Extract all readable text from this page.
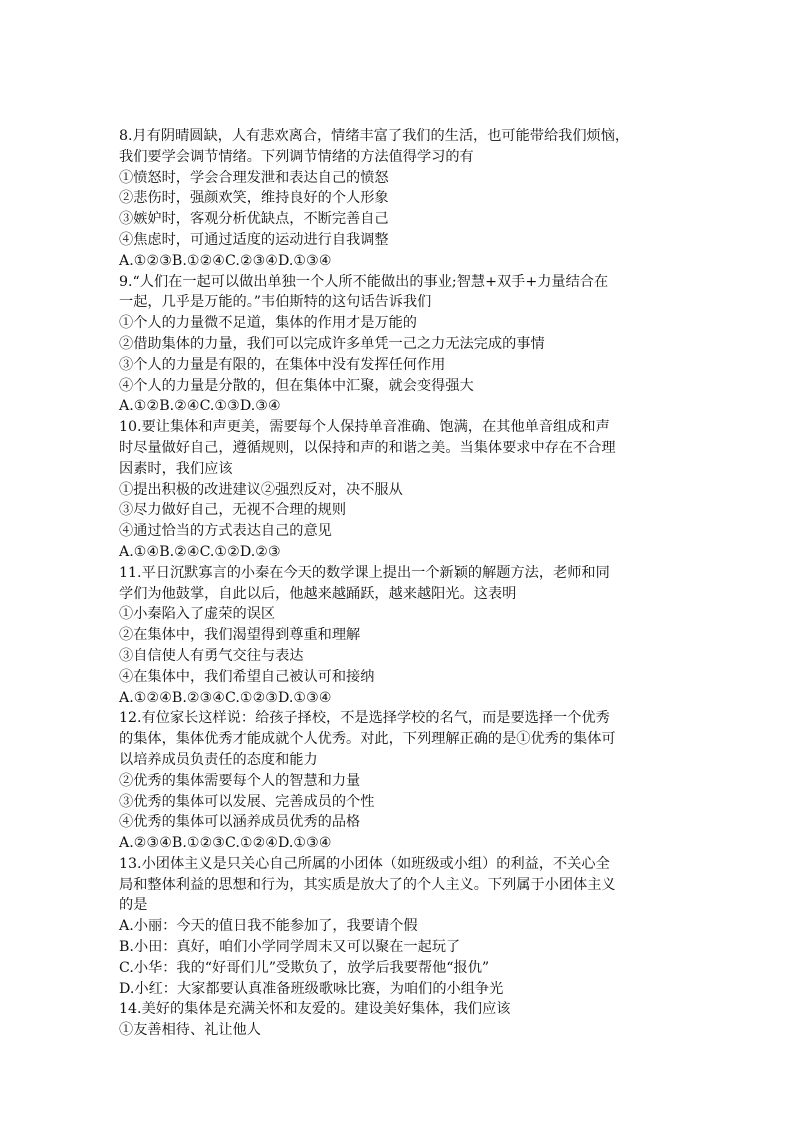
8.月有阴晴圆缺，人有悲欢离合，情绪丰富了我们的生活，也可能带给我们烦恼，
我们要学会调节情绪。下列调节情绪的方法值得学习的有
①愤怒时，学会合理发泄和表达自己的愤怒
②悲伤时，强颜欢笑，维持良好的个人形象
③嫉妒时，客观分析优缺点，不断完善自己
④焦虑时，可通过适度的运动进行自我调整
A.①②③B.①②④C.②③④D.①③④
9.“人们在一起可以做出单独一个人所不能做出的事业;智慧+双手+力量结合在
一起，几乎是万能的。”韦伯斯特的这句话告诉我们
①个人的力量微不足道，集体的作用才是万能的
②借助集体的力量，我们可以完成许多单凭一己之力无法完成的事情
③个人的力量是有限的，在集体中没有发挥任何作用
④个人的力量是分散的，但在集体中汇聚，就会变得强大
A.①②B.②④C.①③D.③④
10.要让集体和声更美，需要每个人保持单音准确、饱满，在其他单音组成和声
时尽量做好自己，遵循规则，以保持和声的和谐之美。当集体要求中存在不合理
因素时，我们应该
①提出积极的改进建议②强烈反对，决不服从
③尽力做好自己，无视不合理的规则
④通过恰当的方式表达自己的意见
A.①④B.②④C.①②D.②③
11.平日沉默寡言的小秦在今天的数学课上提出一个新颖的解题方法，老师和同
学们为他鼓掌，自此以后，他越来越踊跃，越来越阳光。这表明
①小秦陷入了虚荣的误区
②在集体中，我们渴望得到尊重和理解
③自信使人有勇气交往与表达
④在集体中，我们希望自己被认可和接纳
A.①②④B.②③④C.①②③D.①③④
12.有位家长这样说：给孩子择校，不是选择学校的名气，而是要选择一个优秀
的集体，集体优秀才能成就个人优秀。对此，下列理解正确的是①优秀的集体可
以培养成员负责任的态度和能力
②优秀的集体需要每个人的智慧和力量
③优秀的集体可以发展、完善成员的个性
④优秀的集体可以涵养成员优秀的品格
A.②③④B.①②③C.①②④D.①③④
13.小团体主义是只关心自己所属的小团体（如班级或小组）的利益，不关心全
局和整体利益的思想和行为，其实质是放大了的个人主义。下列属于小团体主义
的是
A.小丽：今天的值日我不能参加了，我要请个假
B.小田：真好，咱们小学同学周末又可以聚在一起玩了
C.小华：我的“好哥们儿”受欺负了，放学后我要帮他“报仇”
D.小红：大家都要认真准备班级歌咏比赛，为咱们的小组争光
14.美好的集体是充满关怀和友爱的。建设美好集体，我们应该
①友善相待、礼让他人
